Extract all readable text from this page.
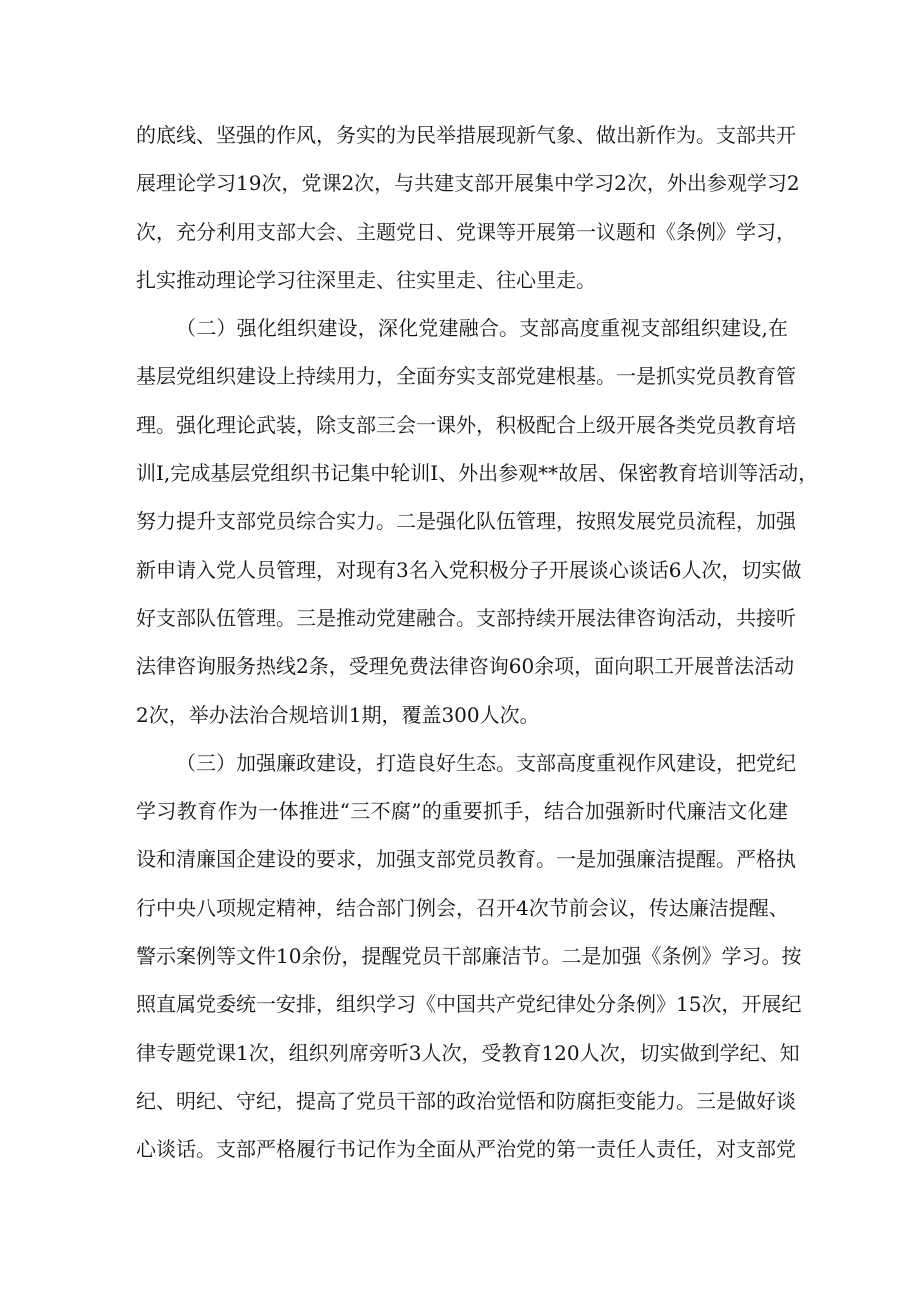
的底线、坚强的作风，务实的为民举措展现新气象、做出新作为。支部共开
展理论学习19次，党课2次，与共建支部开展集中学习2次，外出参观学习2
次，充分利用支部大会、主题党日、党课等开展第一议题和《条例》学习，
扎实推动理论学习往深里走、往实里走、往心里走。
（二）强化组织建设，深化党建融合。支部高度重视支部组织建设,在
基层党组织建设上持续用力，全面夯实支部党建根基。一是抓实党员教育管
理。强化理论武装，除支部三会一课外，积极配合上级开展各类党员教育培
训I,完成基层党组织书记集中轮训I、外出参观**故居、保密教育培训等活动，
努力提升支部党员综合实力。二是强化队伍管理，按照发展党员流程，加强
新申请入党人员管理，对现有3名入党积极分子开展谈心谈话6人次，切实做
好支部队伍管理。三是推动党建融合。支部持续开展法律咨询活动，共接听
法律咨询服务热线2条，受理免费法律咨询60余项，面向职工开展普法活动
2次，举办法治合规培训1期，覆盖300人次。
（三）加强廉政建设，打造良好生态。支部高度重视作风建设，把党纪
学习教育作为一体推进“三不腐”的重要抓手，结合加强新时代廉洁文化建
设和清廉国企建设的要求，加强支部党员教育。一是加强廉洁提醒。严格执
行中央八项规定精神，结合部门例会，召开4次节前会议，传达廉洁提醒、
警示案例等文件10余份，提醒党员干部廉洁节。二是加强《条例》学习。按
照直属党委统一安排，组织学习《中国共产党纪律处分条例》15次，开展纪
律专题党课1次，组织列席旁听3人次，受教育120人次，切实做到学纪、知
纪、明纪、守纪，提高了党员干部的政治觉悟和防腐拒变能力。三是做好谈
心谈话。支部严格履行书记作为全面从严治党的第一责任人责任，对支部党
